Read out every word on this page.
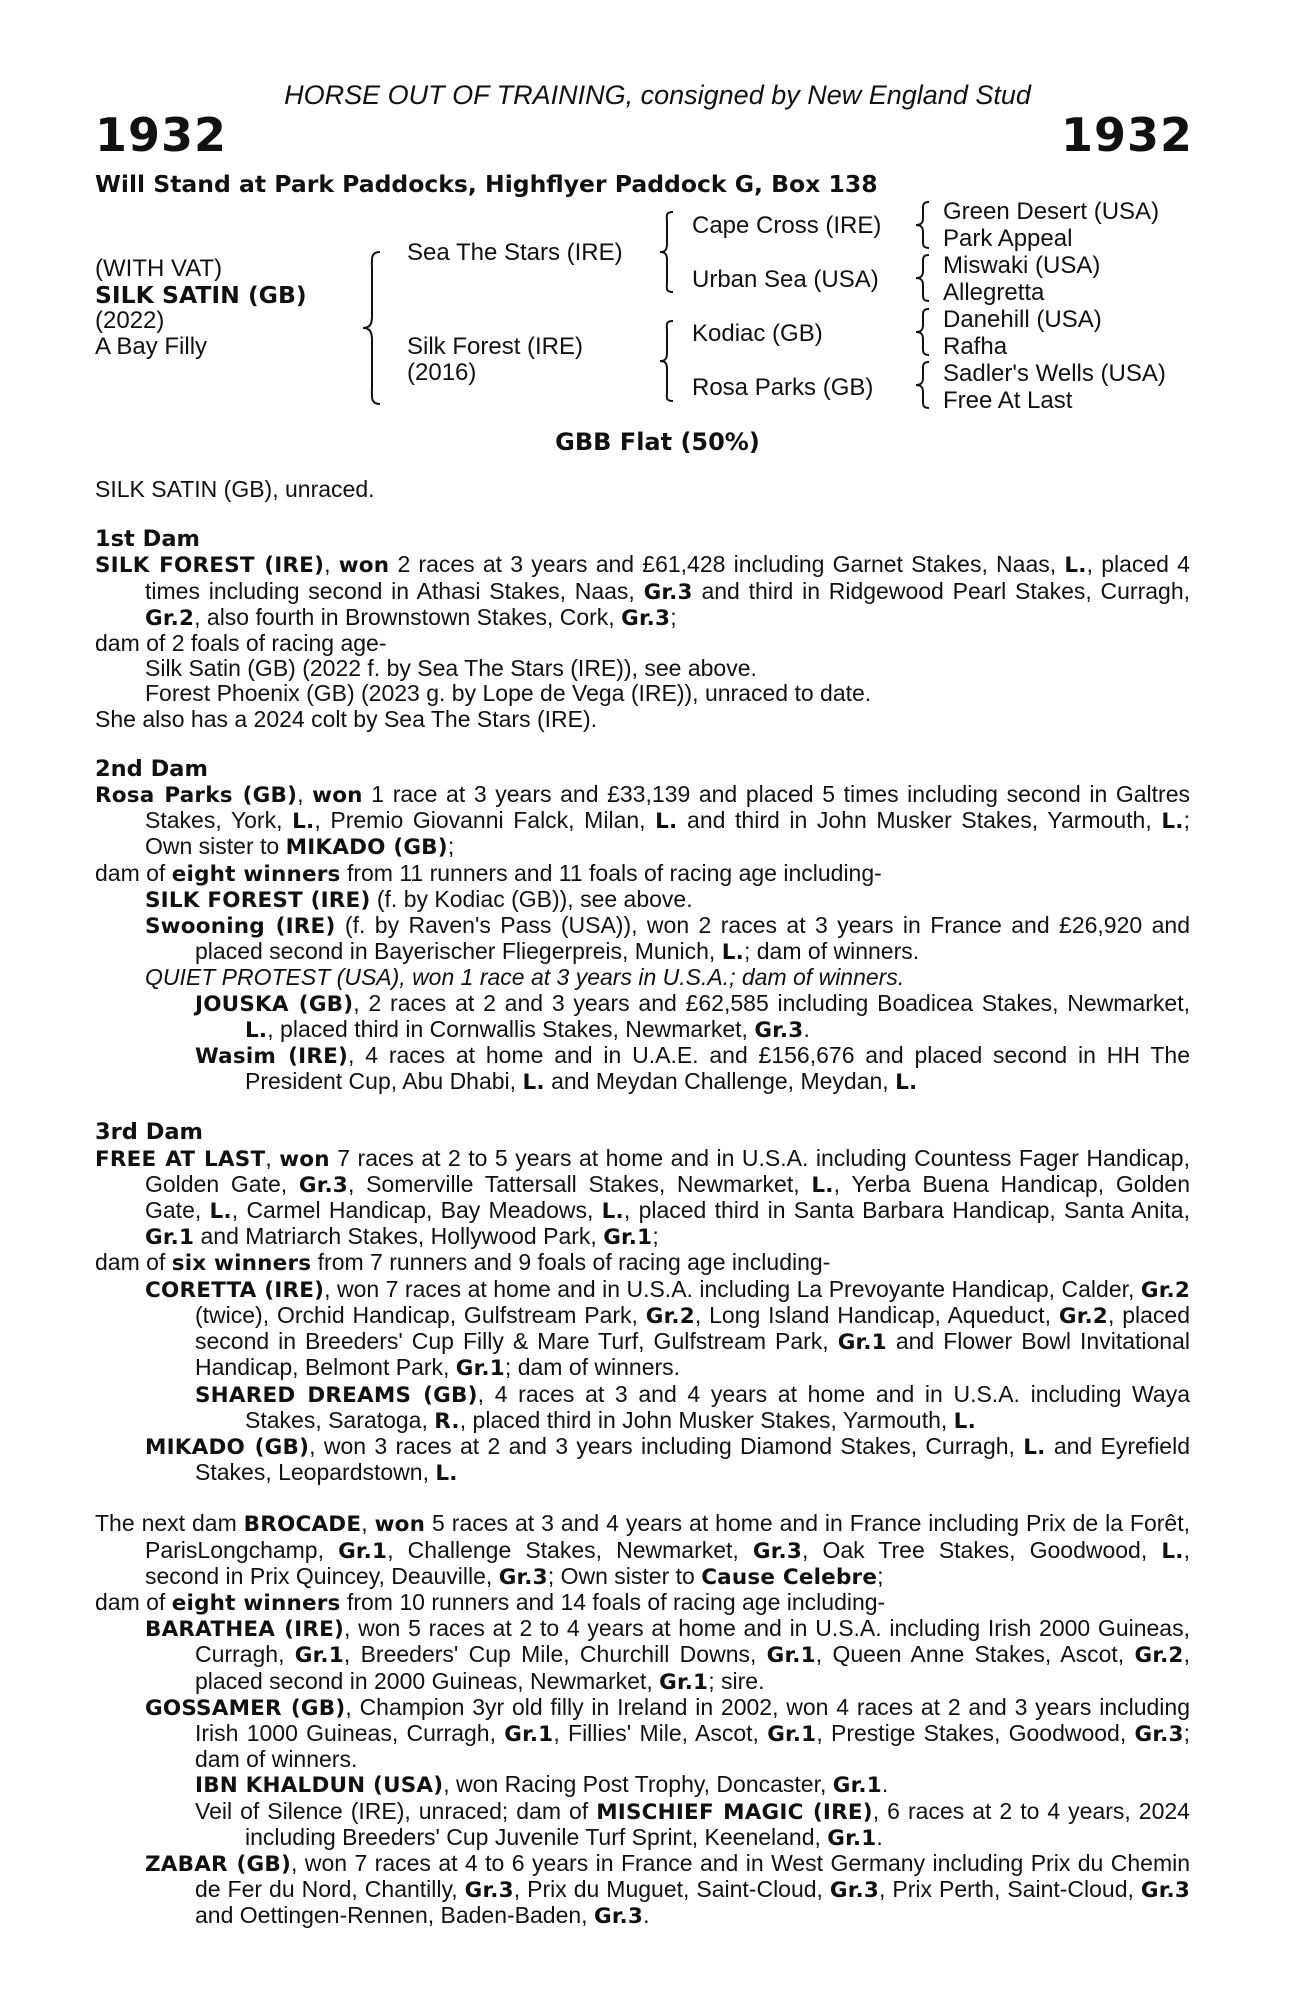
HORSE OUT OF TRAINING, consigned by New England Stud
1932	1932
Will Stand at Park Paddocks, Highflyer Paddock G, Box 138
(WITH VAT)
SILK SATIN (GB)
(2022)
A Bay Filly
Sea The Stars (IRE)
Silk Forest (IRE)
(2016)
Cape Cross (IRE)
Urban Sea (USA)
Kodiac (GB)
Rosa Parks (GB)
Green Desert (USA)
Park Appeal
Miswaki (USA)
Allegretta
Danehill (USA)
Rafha
Sadler's Wells (USA)
Free At Last
GBB Flat (50%)

SILK SATIN (GB), unraced.

1st Dam

SILK FOREST (IRE), won 2 races at 3 years and £61,428 including Garnet Stakes, Naas, L., placed 4 times including second in Athasi Stakes, Naas, Gr.3 and third in Ridgewood Pearl Stakes, Curragh, Gr.2, also fourth in Brownstown Stakes, Cork, Gr.3;

dam of 2 foals of racing age-

Silk Satin (GB) (2022 f. by Sea The Stars (IRE)), see above.

Forest Phoenix (GB) (2023 g. by Lope de Vega (IRE)), unraced to date.

She also has a 2024 colt by Sea The Stars (IRE).

2nd Dam

Rosa Parks (GB), won 1 race at 3 years and £33,139 and placed 5 times including second in Galtres Stakes, York, L., Premio Giovanni Falck, Milan, L. and third in John Musker Stakes, Yarmouth, L.; Own sister to MIKADO (GB);

dam of eight winners from 11 runners and 11 foals of racing age including-

SILK FOREST (IRE) (f. by Kodiac (GB)), see above.

Swooning (IRE) (f. by Raven's Pass (USA)), won 2 races at 3 years in France and £26,920 and placed second in Bayerischer Fliegerpreis, Munich, L.; dam of winners.

QUIET PROTEST (USA), won 1 race at 3 years in U.S.A.; dam of winners.

JOUSKA (GB), 2 races at 2 and 3 years and £62,585 including Boadicea Stakes, Newmarket, L., placed third in Cornwallis Stakes, Newmarket, Gr.3.

Wasim (IRE), 4 races at home and in U.A.E. and £156,676 and placed second in HH The President Cup, Abu Dhabi, L. and Meydan Challenge, Meydan, L.

3rd Dam

FREE AT LAST, won 7 races at 2 to 5 years at home and in U.S.A. including Countess Fager Handicap, Golden Gate, Gr.3, Somerville Tattersall Stakes, Newmarket, L., Yerba Buena Handicap, Golden Gate, L., Carmel Handicap, Bay Meadows, L., placed third in Santa Barbara Handicap, Santa Anita, Gr.1 and Matriarch Stakes, Hollywood Park, Gr.1;

dam of six winners from 7 runners and 9 foals of racing age including-

CORETTA (IRE), won 7 races at home and in U.S.A. including La Prevoyante Handicap, Calder, Gr.2 (twice), Orchid Handicap, Gulfstream Park, Gr.2, Long Island Handicap, Aqueduct, Gr.2, placed second in Breeders' Cup Filly & Mare Turf, Gulfstream Park, Gr.1 and Flower Bowl Invitational Handicap, Belmont Park, Gr.1; dam of winners.

SHARED DREAMS (GB), 4 races at 3 and 4 years at home and in U.S.A. including Waya Stakes, Saratoga, R., placed third in John Musker Stakes, Yarmouth, L.

MIKADO (GB), won 3 races at 2 and 3 years including Diamond Stakes, Curragh, L. and Eyrefield Stakes, Leopardstown, L.

The next dam BROCADE, won 5 races at 3 and 4 years at home and in France including Prix de la Forêt, ParisLongchamp, Gr.1, Challenge Stakes, Newmarket, Gr.3, Oak Tree Stakes, Goodwood, L., second in Prix Quincey, Deauville, Gr.3; Own sister to Cause Celebre;

dam of eight winners from 10 runners and 14 foals of racing age including-

BARATHEA (IRE), won 5 races at 2 to 4 years at home and in U.S.A. including Irish 2000 Guineas, Curragh, Gr.1, Breeders' Cup Mile, Churchill Downs, Gr.1, Queen Anne Stakes, Ascot, Gr.2, placed second in 2000 Guineas, Newmarket, Gr.1; sire.

GOSSAMER (GB), Champion 3yr old filly in Ireland in 2002, won 4 races at 2 and 3 years including Irish 1000 Guineas, Curragh, Gr.1, Fillies' Mile, Ascot, Gr.1, Prestige Stakes, Goodwood, Gr.3; dam of winners.

IBN KHALDUN (USA), won Racing Post Trophy, Doncaster, Gr.1.

Veil of Silence (IRE), unraced; dam of MISCHIEF MAGIC (IRE), 6 races at 2 to 4 years, 2024 including Breeders' Cup Juvenile Turf Sprint, Keeneland, Gr.1.

ZABAR (GB), won 7 races at 4 to 6 years in France and in West Germany including Prix du Chemin de Fer du Nord, Chantilly, Gr.3, Prix du Muguet, Saint-Cloud, Gr.3, Prix Perth, Saint-Cloud, Gr.3 and Oettingen-Rennen, Baden-Baden, Gr.3.
